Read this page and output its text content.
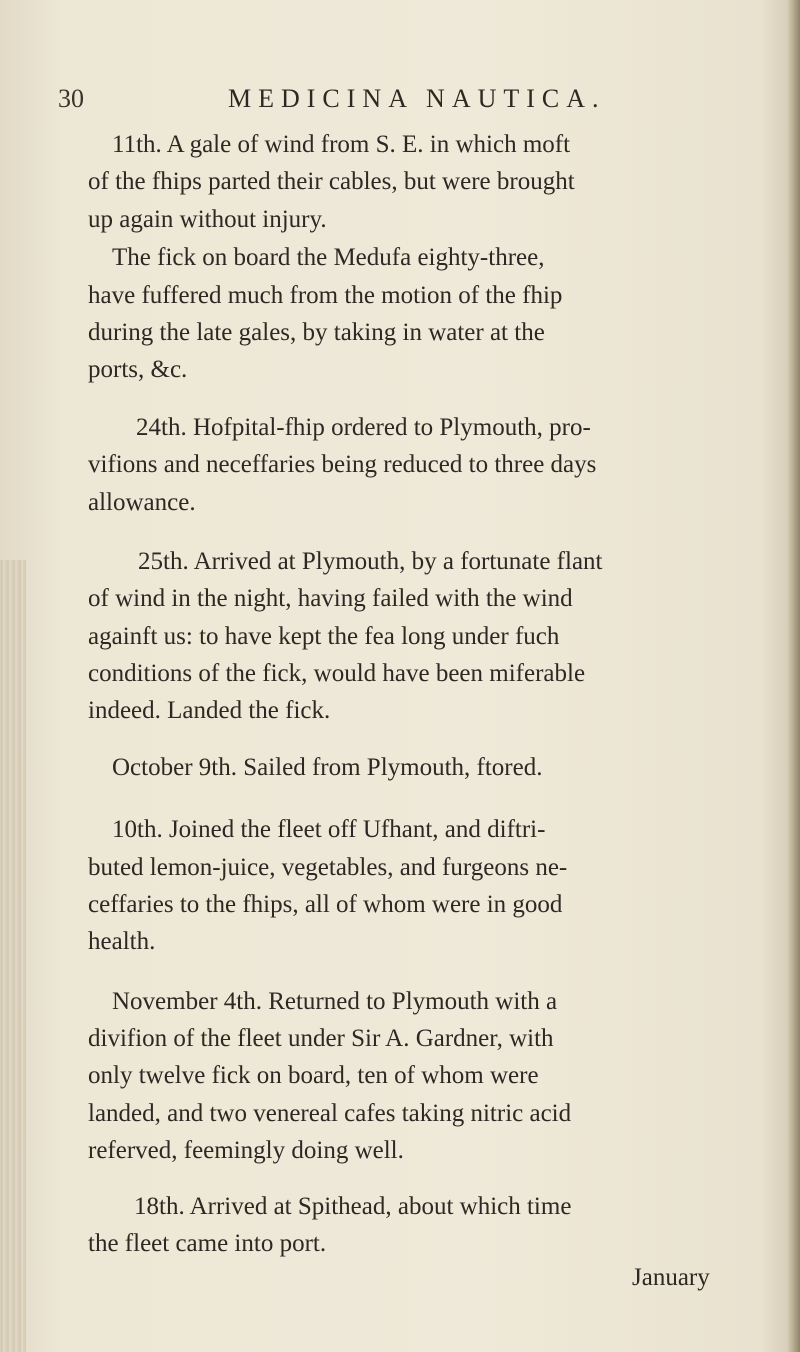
30	MEDICINA NAUTICA.
11th. A gale of wind from S. E. in which moft
of the fhips parted their cables, but were brought
up again without injury.
The fick on board the Medufa eighty-three,
have fuffered much from the motion of the fhip
during the late gales, by taking in water at the
ports, &c.
24th. Hofpital-fhip ordered to Plymouth, pro-
vifions and neceffaries being reduced to three days
allowance.
25th. Arrived at Plymouth, by a fortunate flant
of wind in the night, having failed with the wind
againft us: to have kept the fea long under fuch
conditions of the fick, would have been miferable
indeed. Landed the fick.
October 9th. Sailed from Plymouth, ftored.
10th. Joined the fleet off Ufhant, and diftri-
buted lemon-juice, vegetables, and furgeons ne-
ceffaries to the fhips, all of whom were in good
health.
November 4th. Returned to Plymouth with a
divifion of the fleet under Sir A. Gardner, with
only twelve fick on board, ten of whom were
landed, and two venereal cafes taking nitric acid
referved, feemingly doing well.
18th. Arrived at Spithead, about which time
the fleet came into port.
January
